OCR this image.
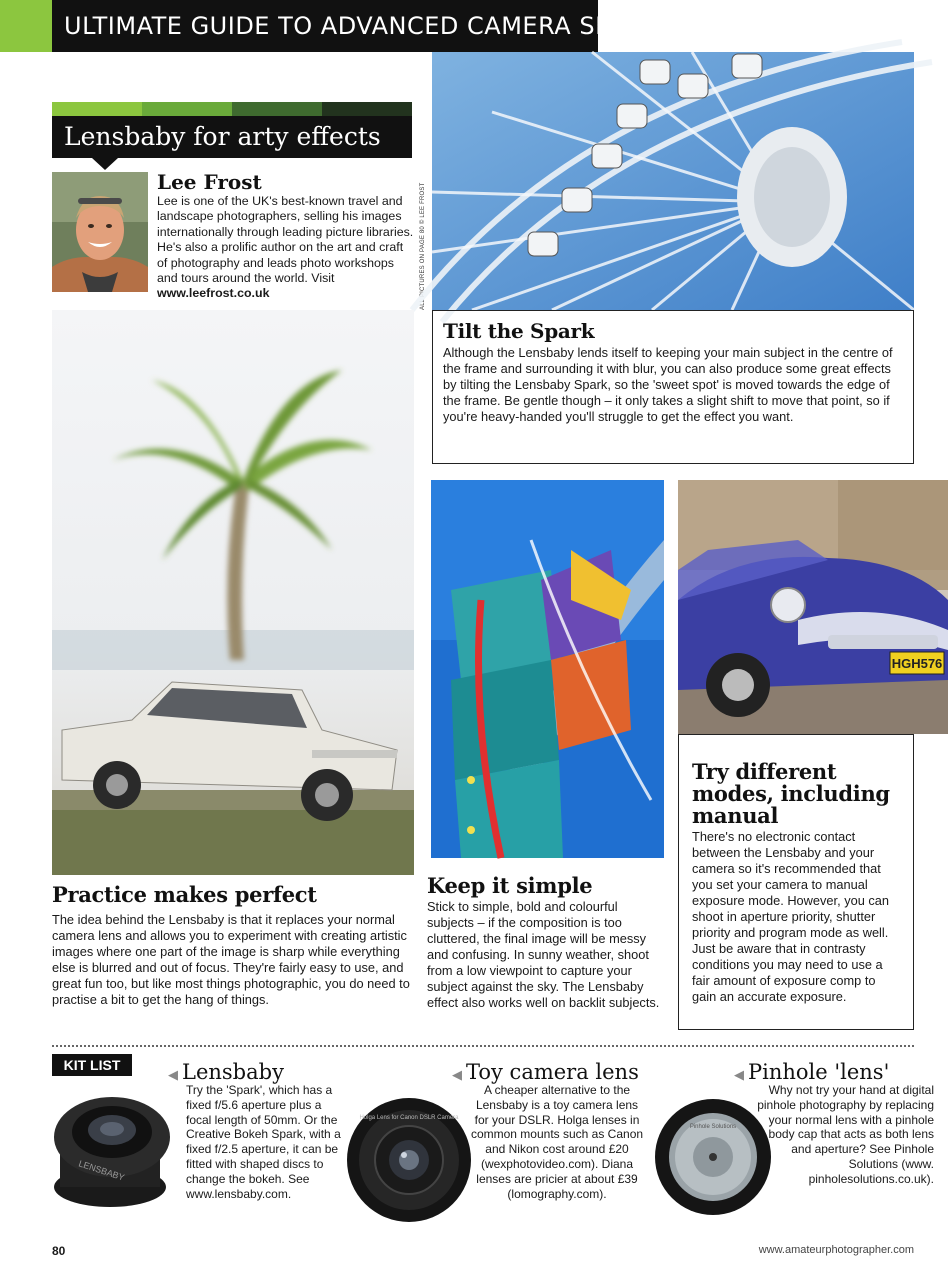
ULTIMATE GUIDE TO ADVANCED CAMERA SKILLS
Lensbaby for arty effects
Lee Frost
Lee is one of the UK's best-known travel and landscape photographers, selling his images internationally through leading picture libraries. He's also a prolific author on the art and craft of photography and leads photo workshops and tours around the world. Visit www.leefrost.co.uk	ALL PICTURES ON PAGE 80 © LEE FROST
Tilt the Spark
Although the Lensbaby lends itself to keeping your main subject in the centre of the frame and surrounding it with blur, you can also produce some great effects by tilting the Lensbaby Spark, so the 'sweet spot' is moved towards the edge of the frame. Be gentle though – it only takes a slight shift to move that point, so if you're heavy-handed you'll struggle to get the effect you want.
Practice makes perfect
The idea behind the Lensbaby is that it replaces your normal camera lens and allows you to experiment with creating artistic images where one part of the image is sharp while everything else is blurred and out of focus. They're fairly easy to use, and great fun too, but like most things photographic, you do need to practise a bit to get the hang of things.
Keep it simple
Stick to simple, bold and colourful subjects – if the composition is too cluttered, the final image will be messy and confusing. In sunny weather, shoot from a low viewpoint to capture your subject against the sky. The Lensbaby effect also works well on backlit subjects.
HGH576
Try different modes, including manual
There's no electronic contact between the Lensbaby and your camera so it's recommended that you set your camera to manual exposure mode. However, you can shoot in aperture priority, shutter priority and program mode as well. Just be aware that in contrasty conditions you may need to use a fair amount of exposure comp to gain an accurate exposure.
KIT LIST
LENSBABY
◀ Lensbaby
Try the 'Spark', which has a fixed f/5.6 aperture plus a focal length of 50mm. Or the Creative Bokeh Spark, with a fixed f/2.5 aperture, it can be fitted with shaped discs to change the bokeh. See www.lensbaby.com.
Holga Lens for Canon DSLR Camera
◀ Toy camera lens
A cheaper alternative to the Lensbaby is a toy camera lens for your DSLR. Holga lenses in common mounts such as Canon and Nikon cost around £20 (wexphotovideo.com). Diana lenses are pricier at about £39 (lomography.com).
Pinhole Solutions
◀ Pinhole 'lens'
Why not try your hand at digital pinhole photography by replacing your normal lens with a pinhole body cap that acts as both lens and aperture? See Pinhole Solutions (www. pinholesolutions.co.uk).
80	www.amateurphotographer.com
